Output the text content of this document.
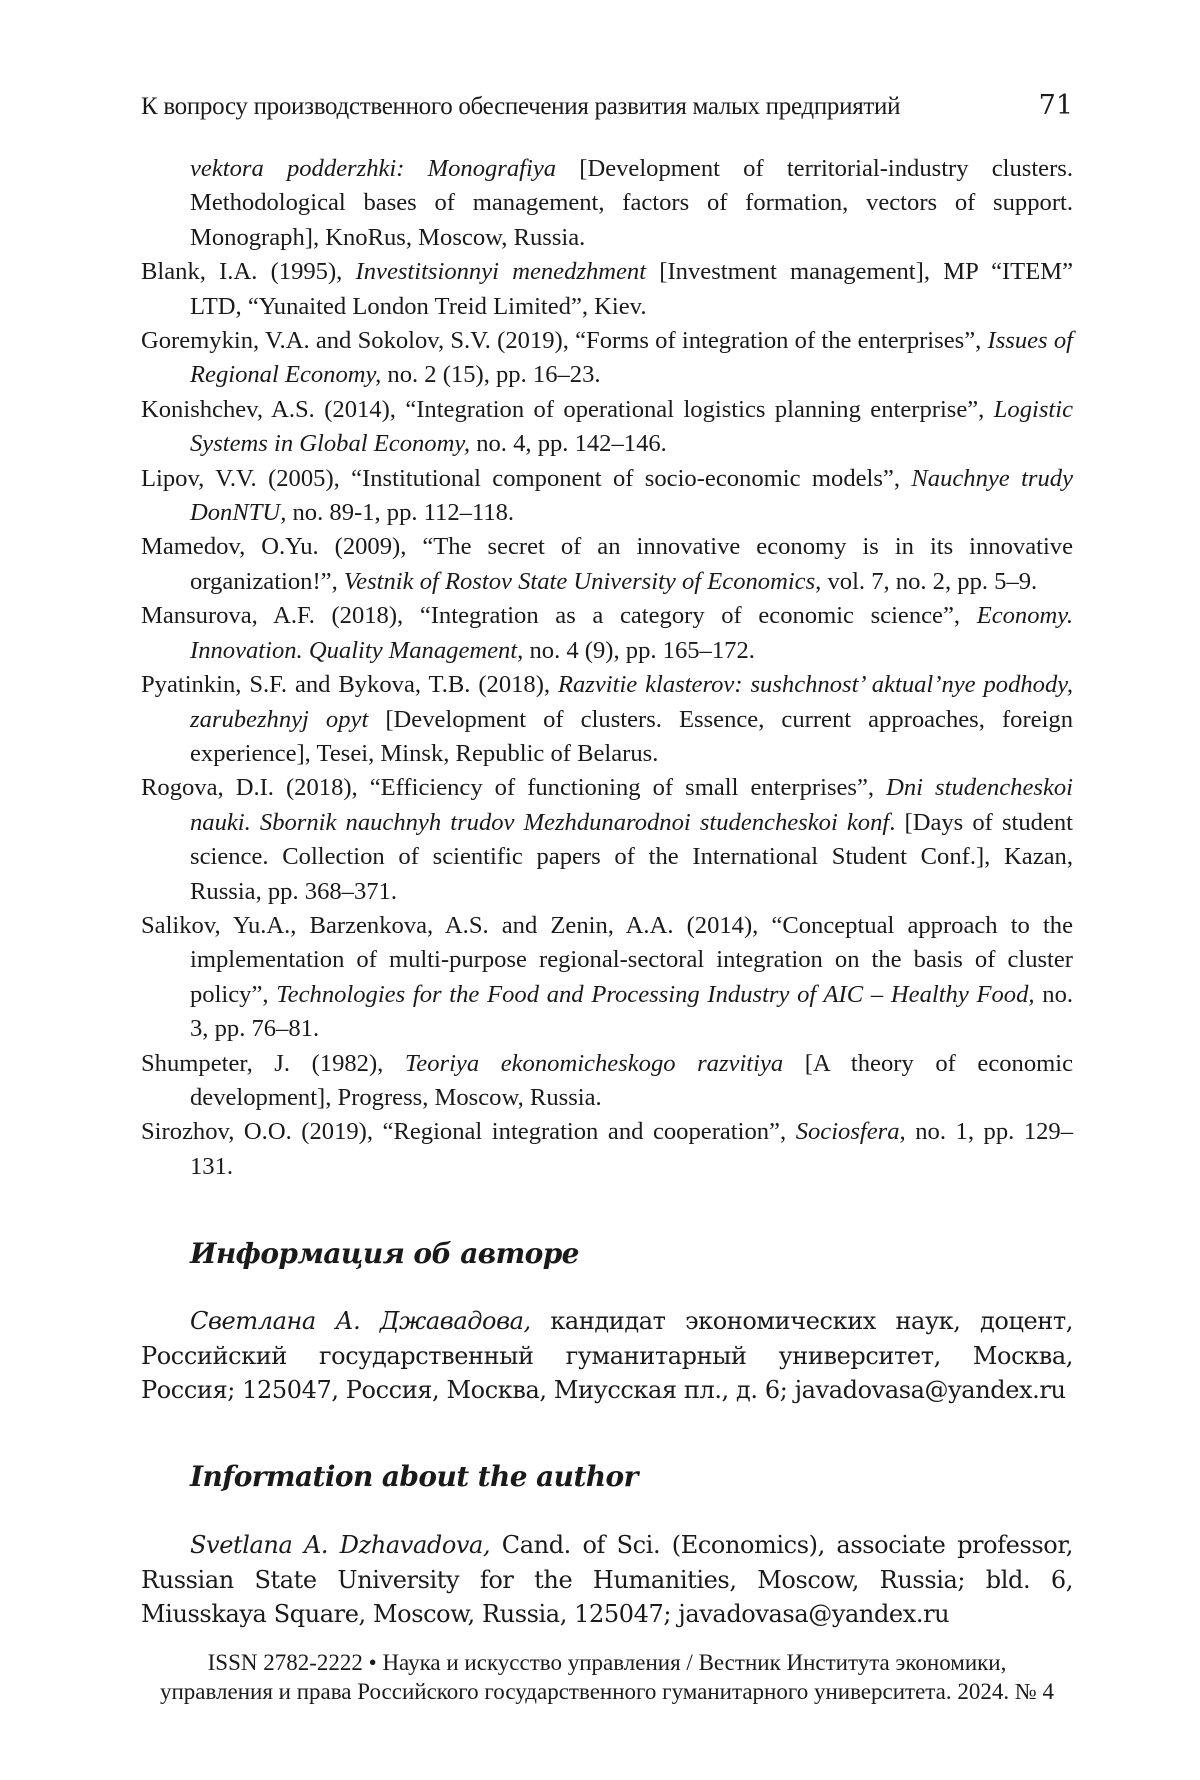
К вопросу производственного обеспечения развития малых предприятий	71

vektora podderzhki: Monografiya [Development of territorial-industry clusters. Methodological bases of management, factors of formation, vectors of support. Monograph], KnoRus, Moscow, Russia.

Blank, I.A. (1995), Investitsionnyi menedzhment [Investment management], MP “ITEM” LTD, “Yunaited London Treid Limited”, Kiev.

Goremykin, V.A. and Sokolov, S.V. (2019), “Forms of integration of the enterprises”, Issues of Regional Economy, no. 2 (15), pp. 16–23.

Konishchev, A.S. (2014), “Integration of operational logistics planning enterprise”, Logistic Systems in Global Economy, no. 4, pp. 142–146.

Lipov, V.V. (2005), “Institutional component of socio-economic models”, Nauchnye trudy DonNTU, no. 89-1, pp. 112–118.

Mamedov, O.Yu. (2009), “The secret of an innovative economy is in its innovative organization!”, Vestnik of Rostov State University of Economics, vol. 7, no. 2, pp. 5–9.

Mansurova, A.F. (2018), “Integration as a category of economic science”, Economy. Innovation. Quality Management, no. 4 (9), pp. 165–172.

Pyatinkin, S.F. and Bykova, T.B. (2018), Razvitie klasterov: sushchnost’ aktual’nye podhody, zarubezhnyj opyt [Development of clusters. Essence, current approaches, foreign experience], Tesei, Minsk, Republic of Belarus.

Rogova, D.I. (2018), “Efficiency of functioning of small enterprises”, Dni studencheskoi nauki. Sbornik nauchnyh trudov Mezhdunarodnoi studencheskoi konf. [Days of student science. Collection of scientific papers of the International Student Conf.], Kazan, Russia, pp. 368–371.

Salikov, Yu.A., Barzenkova, A.S. and Zenin, A.A. (2014), “Conceptual approach to the implementation of multi-purpose regional-sectoral integration on the basis of cluster policy”, Technologies for the Food and Processing Industry of AIC – Healthy Food, no. 3, pp. 76–81.

Shumpeter, J. (1982), Teoriya ekonomicheskogo razvitiya [A theory of economic development], Progress, Moscow, Russia.

Sirozhov, O.O. (2019), “Regional integration and cooperation”, Sociosfera, no. 1, pp. 129–131.

Информация об авторе

Светлана А. Джавадова, кандидат экономических наук, доцент, Российский государственный гуманитарный университет, Москва, Россия; 125047, Россия, Москва, Миусская пл., д. 6; javadovasa@yandex.ru

Information about the author

Svetlana A. Dzhavadova, Cand. of Sci. (Economics), associate professor, Russian State University for the Humanities, Moscow, Russia; bld. 6, Miusskaya Square, Moscow, Russia, 125047; javadovasa@yandex.ru

ISSN 2782-2222 • Наука и искусство управления / Вестник Института экономики,
управления и права Российского государственного гуманитарного университета. 2024. № 4
